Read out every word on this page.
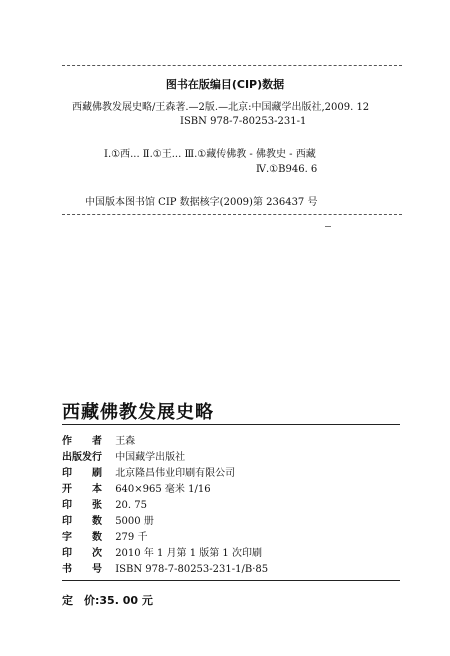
图书在版编目(CIP)数据
西藏佛教发展史略/王森著.—2版.—北京:中国藏学出版社,2009. 12
ISBN 978-7-80253-231-1
Ⅰ.①西... Ⅱ.①王... Ⅲ.①藏传佛教 - 佛教史 - 西藏
Ⅳ.①B946. 6
中国版本图书馆 CIP 数据核字(2009)第 236437 号
西藏佛教发展史略
作　　者 王森
出版发行 中国藏学出版社
印　　刷 北京隆昌伟业印刷有限公司
开　　本 640×965 毫米 1/16
印　　张 20. 75
印　　数 5000 册
字　　数 279 千
印　　次 2010 年 1 月第 1 版第 1 次印刷
书　　号 ISBN 978-7-80253-231-1/B·85
定　价:35. 00 元
